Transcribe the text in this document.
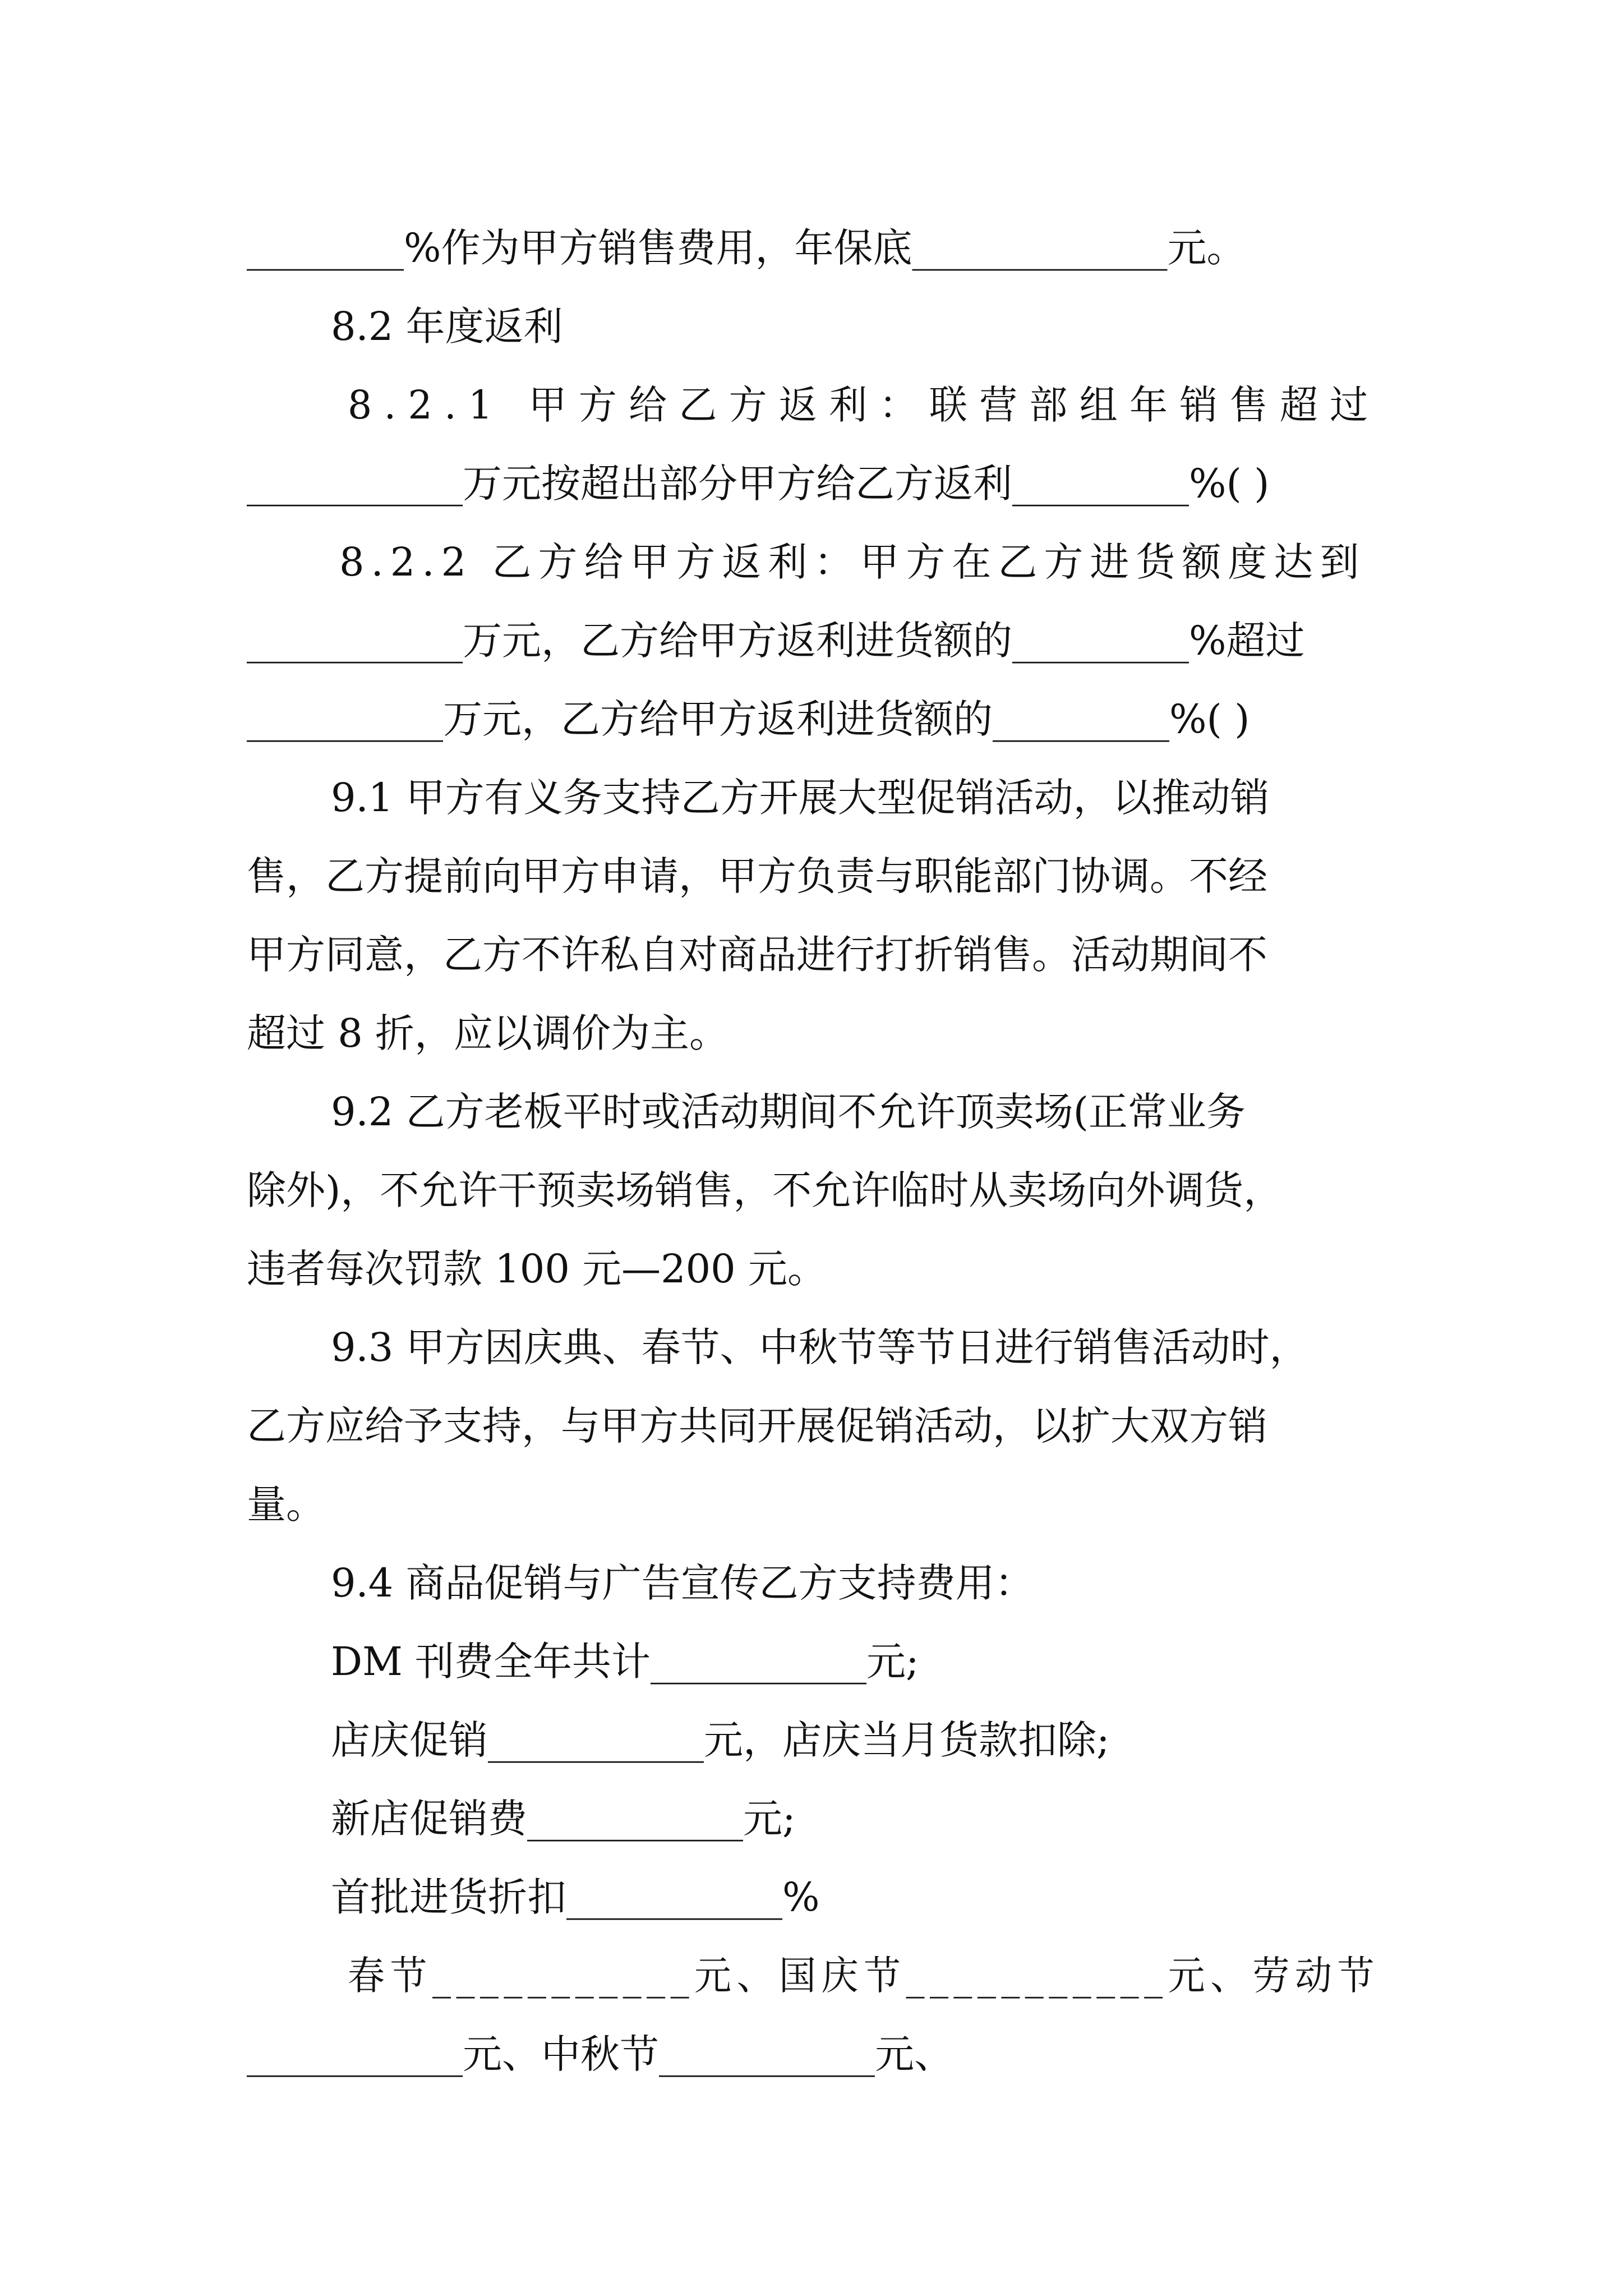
________%作为甲方销售费用，年保底_____________元。
8.2 年度返利
8.2.1 甲方给乙方返利：联营部组年销售超过
___________万元按超出部分甲方给乙方返利_________%( )
8.2.2 乙方给甲方返利：甲方在乙方进货额度达到
___________万元，乙方给甲方返利进货额的_________%超过
__________万元，乙方给甲方返利进货额的_________%( )
9.1 甲方有义务支持乙方开展大型促销活动，以推动销
售，乙方提前向甲方申请，甲方负责与职能部门协调。不经
甲方同意，乙方不许私自对商品进行打折销售。活动期间不
超过 8 折，应以调价为主。
9.2 乙方老板平时或活动期间不允许顶卖场(正常业务
除外)，不允许干预卖场销售，不允许临时从卖场向外调货，
违者每次罚款 100 元—200 元。
9.3 甲方因庆典、春节、中秋节等节日进行销售活动时，
乙方应给予支持，与甲方共同开展促销活动，以扩大双方销
量。
9.4 商品促销与广告宣传乙方支持费用：
DM 刊费全年共计___________元;
店庆促销___________元，店庆当月货款扣除;
新店促销费___________元;
首批进货折扣___________%
春节___________元、国庆节___________元、劳动节
___________元、中秋节___________元、
